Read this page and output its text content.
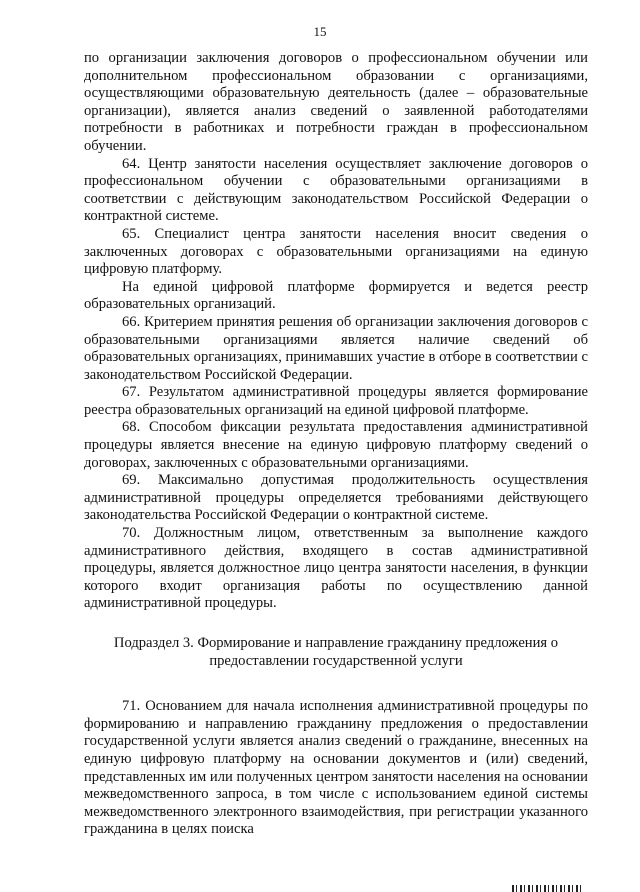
15

по организации заключения договоров о профессиональном обучении или дополнительном профессиональном образовании с организациями, осуществляющими образовательную деятельность (далее – образовательные организации), является анализ сведений о заявленной работодателями потребности в работниках и потребности граждан в профессиональном обучении.

64. Центр занятости населения осуществляет заключение договоров о профессиональном обучении с образовательными организациями в соответствии с действующим законодательством Российской Федерации о контрактной системе.

65. Специалист центра занятости населения вносит сведения о заключенных договорах с образовательными организациями на единую цифровую платформу.

На единой цифровой платформе формируется и ведется реестр образовательных организаций.

66. Критерием принятия решения об организации заключения договоров с образовательными организациями является наличие сведений об образовательных организациях, принимавших участие в отборе в соответствии с законодательством Российской Федерации.

67. Результатом административной процедуры является формирование реестра образовательных организаций на единой цифровой платформе.

68. Способом фиксации результата предоставления административной процедуры является внесение на единую цифровую платформу сведений о договорах, заключенных с образовательными организациями.

69. Максимально допустимая продолжительность осуществления административной процедуры определяется требованиями действующего законодательства Российской Федерации о контрактной системе.

70. Должностным лицом, ответственным за выполнение каждого административного действия, входящего в состав административной процедуры, является должностное лицо центра занятости населения, в функции которого входит организация работы по осуществлению данной административной процедуры.

Подраздел 3. Формирование и направление гражданину предложения о предоставлении государственной услуги

71. Основанием для начала исполнения административной процедуры по формированию и направлению гражданину предложения о предоставлении государственной услуги является анализ сведений о гражданине, внесенных на единую цифровую платформу на основании документов и (или) сведений, представленных им или полученных центром занятости населения на основании межведомственного запроса, в том числе с использованием единой системы межведомственного электронного взаимодействия, при регистрации указанного гражданина в целях поиска
